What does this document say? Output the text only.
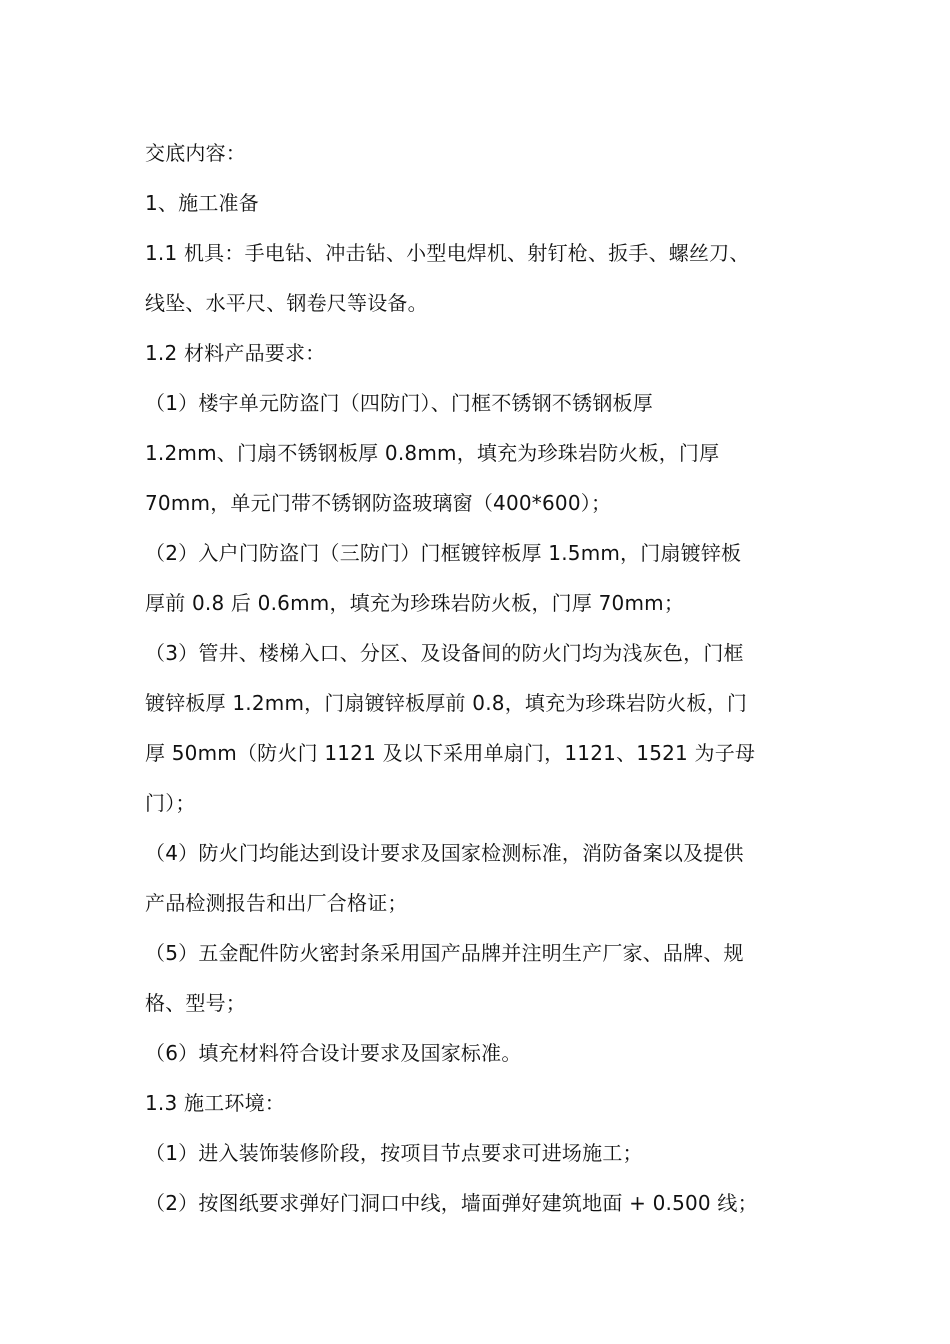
交底内容：
1、施工准备
1.1 机具：手电钻、冲击钻、小型电焊机、射钉枪、扳手、螺丝刀、
线坠、水平尺、钢卷尺等设备。
1.2 材料产品要求：
（1）楼宇单元防盗门（四防门）、门框不锈钢不锈钢板厚
1.2mm、门扇不锈钢板厚 0.8mm，填充为珍珠岩防火板，门厚
70mm，单元门带不锈钢防盗玻璃窗（400*600）；
（2）入户门防盗门（三防门）门框镀锌板厚 1.5mm，门扇镀锌板
厚前 0.8 后 0.6mm，填充为珍珠岩防火板，门厚 70mm；
（3）管井、楼梯入口、分区、及设备间的防火门均为浅灰色，门框
镀锌板厚 1.2mm，门扇镀锌板厚前 0.8，填充为珍珠岩防火板，门
厚 50mm（防火门 1121 及以下采用单扇门，1121、1521 为子母
门）；
（4）防火门均能达到设计要求及国家检测标准，消防备案以及提供
产品检测报告和出厂合格证；
（5）五金配件防火密封条采用国产品牌并注明生产厂家、品牌、规
格、型号；
（6）填充材料符合设计要求及国家标准。
1.3 施工环境：
（1）进入装饰装修阶段，按项目节点要求可进场施工；
（2）按图纸要求弹好门洞口中线，墙面弹好建筑地面 + 0.500 线；
